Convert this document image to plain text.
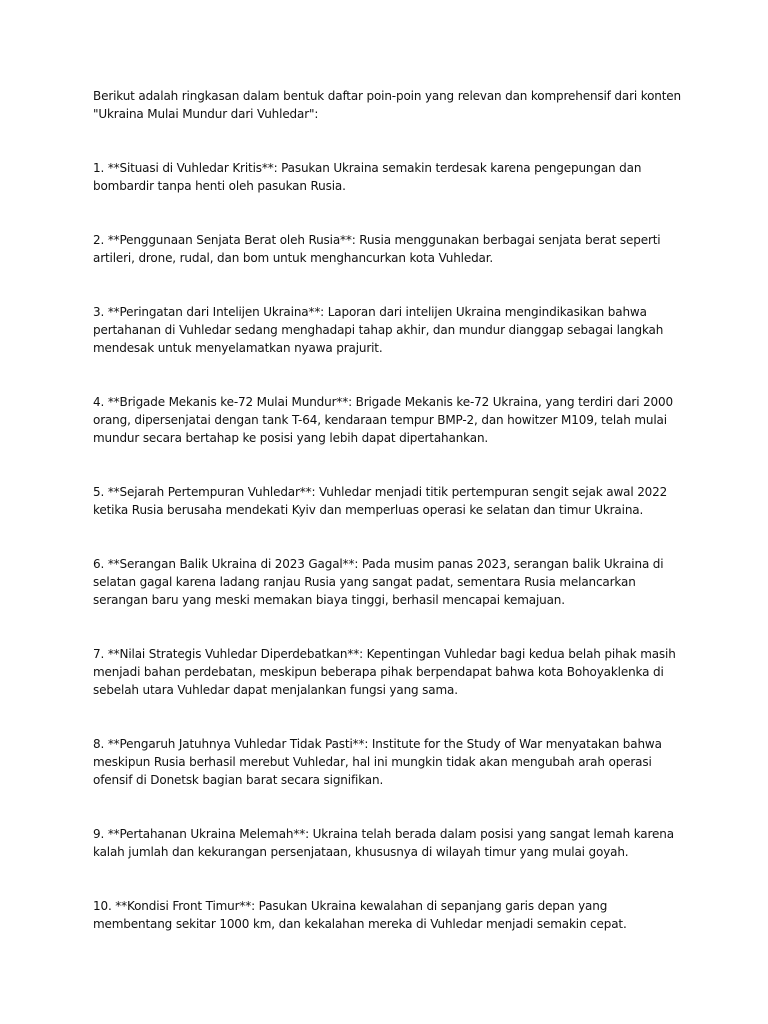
Berikut adalah ringkasan dalam bentuk daftar poin-poin yang relevan dan komprehensif dari konten "Ukraina Mulai Mundur dari Vuhledar":

1. **Situasi di Vuhledar Kritis**: Pasukan Ukraina semakin terdesak karena pengepungan dan bombardir tanpa henti oleh pasukan Rusia.

2. **Penggunaan Senjata Berat oleh Rusia**: Rusia menggunakan berbagai senjata berat seperti artileri, drone, rudal, dan bom untuk menghancurkan kota Vuhledar.

3. **Peringatan dari Intelijen Ukraina**: Laporan dari intelijen Ukraina mengindikasikan bahwa pertahanan di Vuhledar sedang menghadapi tahap akhir, dan mundur dianggap sebagai langkah mendesak untuk menyelamatkan nyawa prajurit.

4. **Brigade Mekanis ke-72 Mulai Mundur**: Brigade Mekanis ke-72 Ukraina, yang terdiri dari 2000 orang, dipersenjatai dengan tank T-64, kendaraan tempur BMP-2, dan howitzer M109, telah mulai mundur secara bertahap ke posisi yang lebih dapat dipertahankan.

5. **Sejarah Pertempuran Vuhledar**: Vuhledar menjadi titik pertempuran sengit sejak awal 2022 ketika Rusia berusaha mendekati Kyiv dan memperluas operasi ke selatan dan timur Ukraina.

6. **Serangan Balik Ukraina di 2023 Gagal**: Pada musim panas 2023, serangan balik Ukraina di selatan gagal karena ladang ranjau Rusia yang sangat padat, sementara Rusia melancarkan serangan baru yang meski memakan biaya tinggi, berhasil mencapai kemajuan.

7. **Nilai Strategis Vuhledar Diperdebatkan**: Kepentingan Vuhledar bagi kedua belah pihak masih menjadi bahan perdebatan, meskipun beberapa pihak berpendapat bahwa kota Bohoyaklenka di sebelah utara Vuhledar dapat menjalankan fungsi yang sama.

8. **Pengaruh Jatuhnya Vuhledar Tidak Pasti**: Institute for the Study of War menyatakan bahwa meskipun Rusia berhasil merebut Vuhledar, hal ini mungkin tidak akan mengubah arah operasi ofensif di Donetsk bagian barat secara signifikan.

9. **Pertahanan Ukraina Melemah**: Ukraina telah berada dalam posisi yang sangat lemah karena kalah jumlah dan kekurangan persenjataan, khususnya di wilayah timur yang mulai goyah.

10. **Kondisi Front Timur**: Pasukan Ukraina kewalahan di sepanjang garis depan yang membentang sekitar 1000 km, dan kekalahan mereka di Vuhledar menjadi semakin cepat.
